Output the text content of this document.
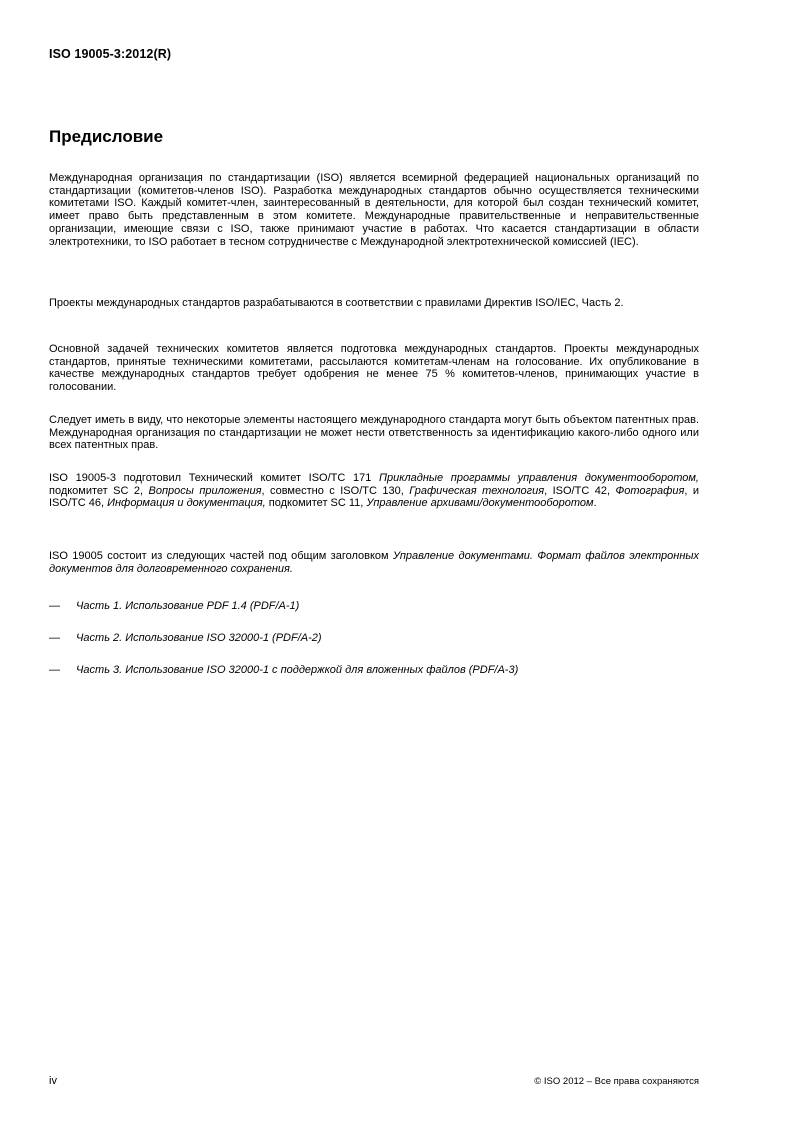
ISO 19005-3:2012(R)
Предисловие

Международная организация по стандартизации (ISO) является всемирной федерацией национальных организаций по стандартизации (комитетов-членов ISO). Разработка международных стандартов обычно осуществляется техническими комитетами ISO. Каждый комитет-член, заинтересованный в деятельности, для которой был создан технический комитет, имеет право быть представленным в этом комитете. Международные правительственные и неправительственные организации, имеющие связи с ISO, также принимают участие в работах. Что касается стандартизации в области электротехники, то ISO работает в тесном сотрудничестве с Международной электротехнической комиссией (IEC).

Проекты международных стандартов разрабатываются в соответствии с правилами Директив ISO/IEC, Часть 2.

Основной задачей технических комитетов является подготовка международных стандартов. Проекты международных стандартов, принятые техническими комитетами, рассылаются комитетам-членам на голосование. Их опубликование в качестве международных стандартов требует одобрения не менее 75 % комитетов-членов, принимающих участие в голосовании.

Следует иметь в виду, что некоторые элементы настоящего международного стандарта могут быть объектом патентных прав. Международная организация по стандартизации не может нести ответственность за идентификацию какого-либо одного или всех патентных прав.

ISO 19005-3 подготовил Технический комитет ISO/TC 171 Прикладные программы управления документооборотом, подкомитет SC 2, Вопросы приложения, совместно с ISO/TC 130, Графическая технология, ISO/TC 42, Фотография, и ISO/TC 46, Информация и документация, подкомитет SC 11, Управление архивами/документооборотом.

ISO 19005 состоит из следующих частей под общим заголовком Управление документами. Формат файлов электронных документов для долговременного сохранения.

— Часть 1. Использование PDF 1.4 (PDF/A-1)
— Часть 2. Использование ISO 32000-1 (PDF/A-2)
— Часть 3. Использование ISO 32000-1 с поддержкой для вложенных файлов (PDF/A-3)
iv	© ISO 2012 – Все права сохраняются
